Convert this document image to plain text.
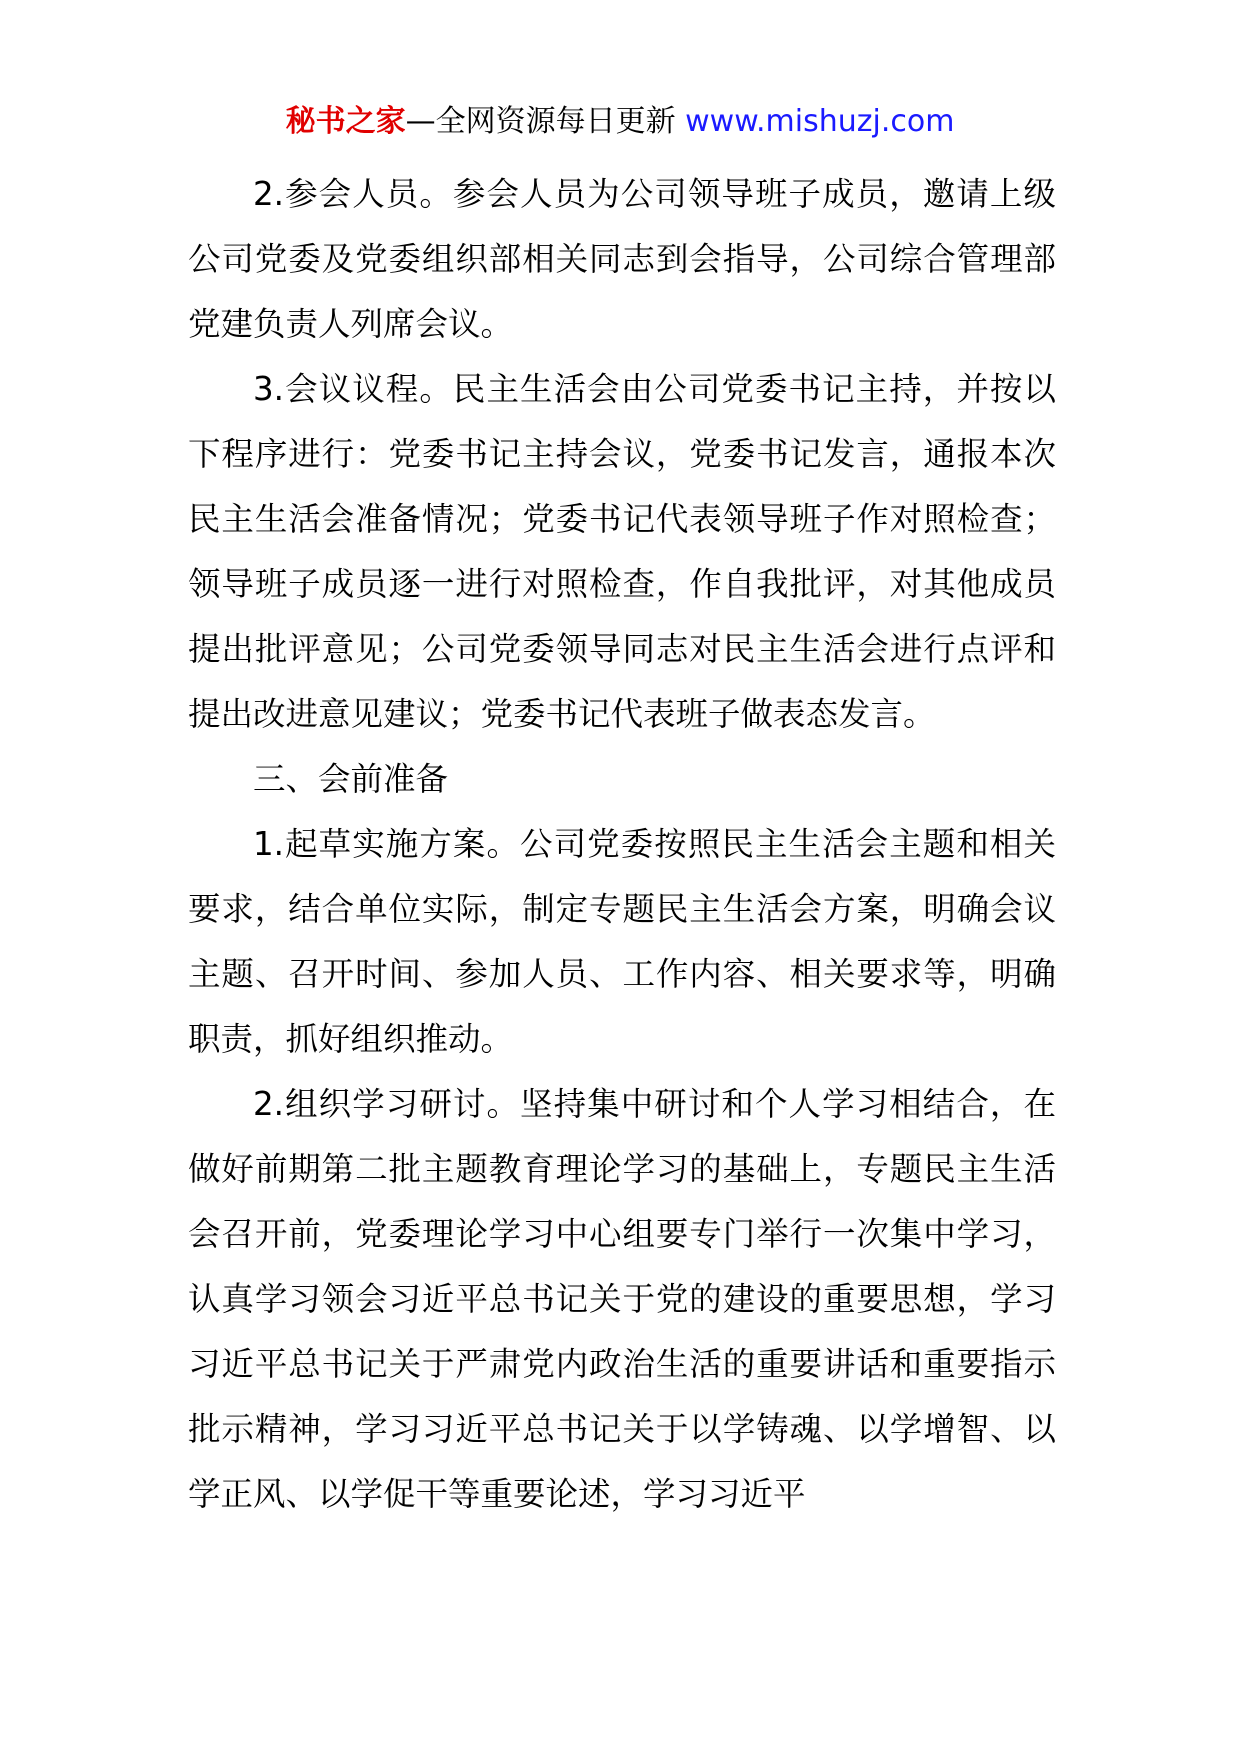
秘书之家—全网资源每日更新 www.mishuzj.com

2.参会人员。参会人员为公司领导班子成员，邀请上级公司党委及党委组织部相关同志到会指导，公司综合管理部党建负责人列席会议。

3.会议议程。民主生活会由公司党委书记主持，并按以下程序进行：党委书记主持会议，党委书记发言，通报本次民主生活会准备情况；党委书记代表领导班子作对照检查；领导班子成员逐一进行对照检查，作自我批评，对其他成员提出批评意见；公司党委领导同志对民主生活会进行点评和提出改进意见建议；党委书记代表班子做表态发言。

三、会前准备

1.起草实施方案。公司党委按照民主生活会主题和相关要求，结合单位实际，制定专题民主生活会方案，明确会议主题、召开时间、参加人员、工作内容、相关要求等，明确职责，抓好组织推动。

2.组织学习研讨。坚持集中研讨和个人学习相结合，在做好前期第二批主题教育理论学习的基础上，专题民主生活会召开前，党委理论学习中心组要专门举行一次集中学习，认真学习领会习近平总书记关于党的建设的重要思想，学习习近平总书记关于严肃党内政治生活的重要讲话和重要指示批示精神，学习习近平总书记关于以学铸魂、以学增智、以学正风、以学促干等重要论述，学习习近平
